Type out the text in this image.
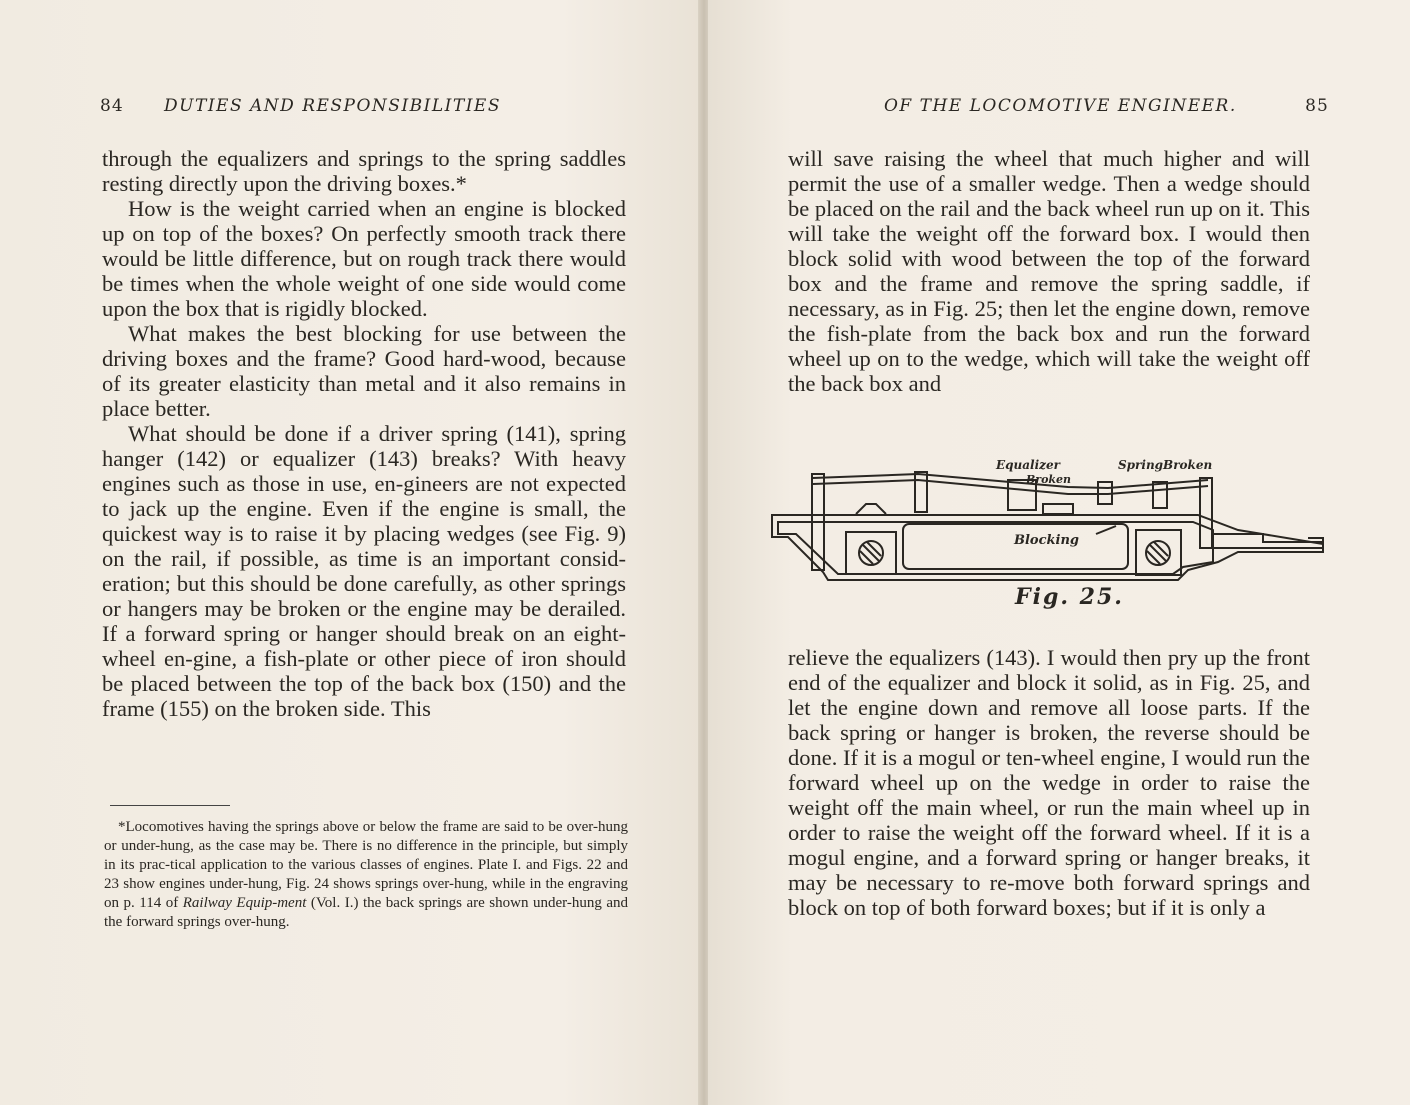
84 DUTIES AND RESPONSIBILITIES

through the equalizers and springs to the spring saddles resting directly upon the driving boxes.*

How is the weight carried when an engine is blocked up on top of the boxes? On perfectly smooth track there would be little difference, but on rough track there would be times when the whole weight of one side would come upon the box that is rigidly blocked.

What makes the best blocking for use between the driving boxes and the frame? Good hard-wood, because of its greater elasticity than metal and it also remains in place better.

What should be done if a driver spring (141), spring hanger (142) or equalizer (143) breaks? With heavy engines such as those in use, en-gineers are not expected to jack up the engine. Even if the engine is small, the quickest way is to raise it by placing wedges (see Fig. 9) on the rail, if possible, as time is an important consid-eration; but this should be done carefully, as other springs or hangers may be broken or the engine may be derailed. If a forward spring or hanger should break on an eight-wheel en-gine, a fish-plate or other piece of iron should be placed between the top of the back box (150) and the frame (155) on the broken side. This

*Locomotives having the springs above or below the frame are said to be over-hung or under-hung, as the case may be. There is no difference in the principle, but simply in its prac-tical application to the various classes of engines. Plate I. and Figs. 22 and 23 show engines under-hung, Fig. 24 shows springs over-hung, while in the engraving on p. 114 of Railway Equip-ment (Vol. I.) the back springs are shown under-hung and the forward springs over-hung.

OF THE LOCOMOTIVE ENGINEER.	85

will save raising the wheel that much higher and will permit the use of a smaller wedge. Then a wedge should be placed on the rail and the back wheel run up on it. This will take the weight off the forward box. I would then block solid with wood between the top of the forward box and the frame and remove the spring saddle, if necessary, as in Fig. 25; then let the engine down, remove the fish-plate from the back box and run the forward wheel up on to the wedge, which will take the weight off the back box and

relieve the equalizers (143). I would then pry up the front end of the equalizer and block it solid, as in Fig. 25, and let the engine down and remove all loose parts. If the back spring or hanger is broken, the reverse should be done. If it is a mogul or ten-wheel engine, I would run the forward wheel up on the wedge in order to raise the weight off the main wheel, or run the main wheel up in order to raise the weight off the forward wheel. If it is a mogul engine, and a forward spring or hanger breaks, it may be necessary to re-move both forward springs and block on top of both forward boxes; but if it is only a

Equalizer
Broken
SpringBroken
Blocking
Fig. 25.
